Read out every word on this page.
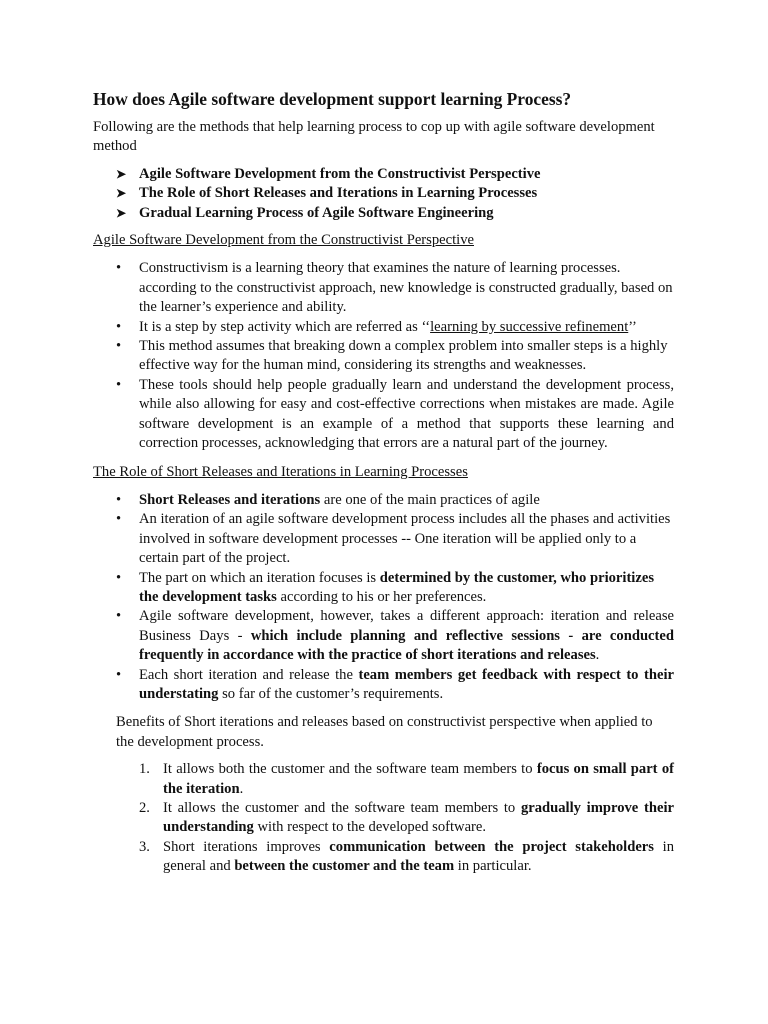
How does Agile software development support learning Process?

Following are the methods that help learning process to cop up with agile software development method

➤ Agile Software Development from the Constructivist Perspective
➤ The Role of Short Releases and Iterations in Learning Processes
➤ Gradual Learning Process of Agile Software Engineering

Agile Software Development from the Constructivist Perspective

• Constructivism is a learning theory that examines the nature of learning processes. according to the constructivist approach, new knowledge is constructed gradually, based on the learner’s experience and ability.
• It is a step by step activity which are referred as ‘‘learning by successive refinement’’
• This method assumes that breaking down a complex problem into smaller steps is a highly effective way for the human mind, considering its strengths and weaknesses.
• These tools should help people gradually learn and understand the development process, while also allowing for easy and cost-effective corrections when mistakes are made. Agile software development is an example of a method that supports these learning and correction processes, acknowledging that errors are a natural part of the journey.

The Role of Short Releases and Iterations in Learning Processes

• Short Releases and iterations are one of the main practices of agile
• An iteration of an agile software development process includes all the phases and activities involved in software development processes -- One iteration will be applied only to a certain part of the project.
• The part on which an iteration focuses is determined by the customer, who prioritizes the development tasks according to his or her preferences.
• Agile software development, however, takes a different approach: iteration and release Business Days - which include planning and reflective sessions - are conducted frequently in accordance with the practice of short iterations and releases.
• Each short iteration and release the team members get feedback with respect to their understating so far of the customer’s requirements.

Benefits of Short iterations and releases based on constructivist perspective when applied to the development process.

1. It allows both the customer and the software team members to focus on small part of the iteration.
2. It allows the customer and the software team members to gradually improve their understanding with respect to the developed software.
3. Short iterations improves communication between the project stakeholders in general and between the customer and the team in particular.
